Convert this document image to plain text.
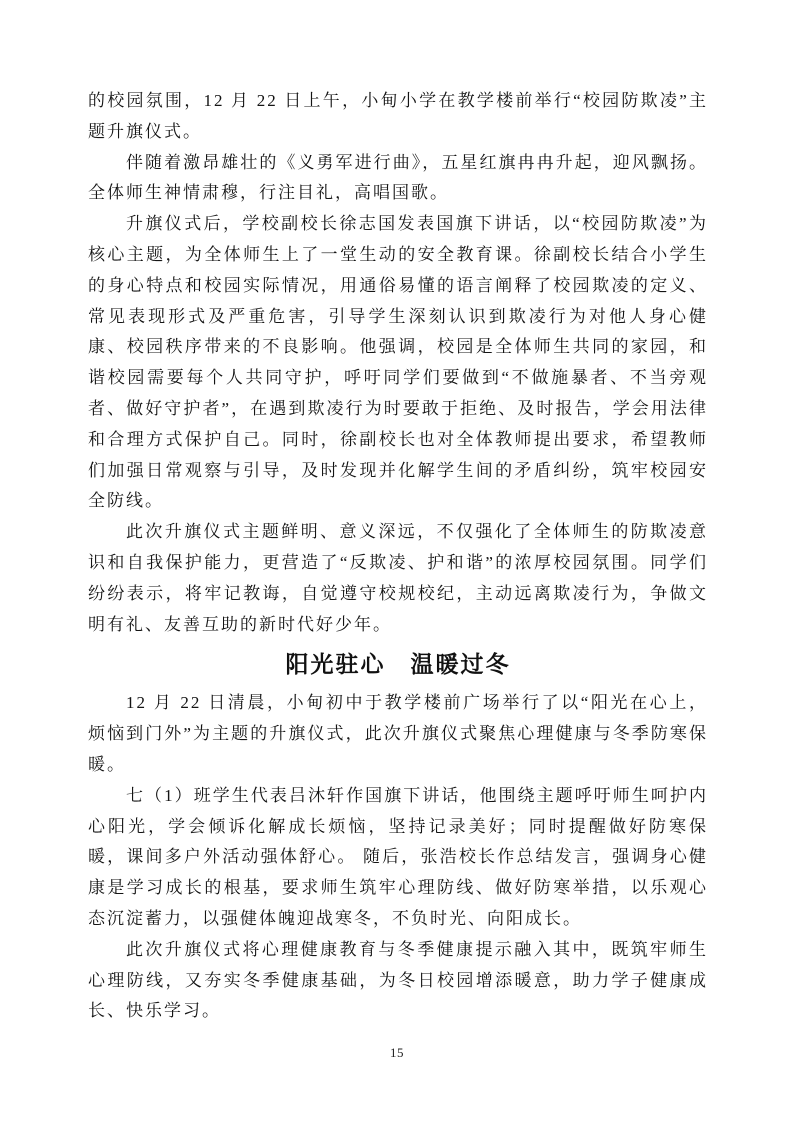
的校园氛围，12 月 22 日上午，小甸小学在教学楼前举行“校园防欺凌”主题升旗仪式。

伴随着激昂雄壮的《义勇军进行曲》，五星红旗冉冉升起，迎风飘扬。全体师生神情肃穆，行注目礼，高唱国歌。

升旗仪式后，学校副校长徐志国发表国旗下讲话，以“校园防欺凌”为核心主题，为全体师生上了一堂生动的安全教育课。徐副校长结合小学生的身心特点和校园实际情况，用通俗易懂的语言阐释了校园欺凌的定义、常见表现形式及严重危害，引导学生深刻认识到欺凌行为对他人身心健康、校园秩序带来的不良影响。他强调，校园是全体师生共同的家园，和谐校园需要每个人共同守护，呼吁同学们要做到“不做施暴者、不当旁观者、做好守护者”，在遇到欺凌行为时要敢于拒绝、及时报告，学会用法律和合理方式保护自己。同时，徐副校长也对全体教师提出要求，希望教师们加强日常观察与引导，及时发现并化解学生间的矛盾纠纷，筑牢校园安全防线。

此次升旗仪式主题鲜明、意义深远，不仅强化了全体师生的防欺凌意识和自我保护能力，更营造了“反欺凌、护和谐”的浓厚校园氛围。同学们纷纷表示，将牢记教诲，自觉遵守校规校纪，主动远离欺凌行为，争做文明有礼、友善互助的新时代好少年。

阳光驻心　温暖过冬

12 月 22 日清晨，小甸初中于教学楼前广场举行了以“阳光在心上，烦恼到门外”为主题的升旗仪式，此次升旗仪式聚焦心理健康与冬季防寒保暖。

七（1）班学生代表吕沐轩作国旗下讲话，他围绕主题呼吁师生呵护内心阳光，学会倾诉化解成长烦恼，坚持记录美好；同时提醒做好防寒保暖，课间多户外活动强体舒心。 随后，张浩校长作总结发言，强调身心健康是学习成长的根基，要求师生筑牢心理防线、做好防寒举措，以乐观心态沉淀蓄力，以强健体魄迎战寒冬，不负时光、向阳成长。

此次升旗仪式将心理健康教育与冬季健康提示融入其中，既筑牢师生心理防线，又夯实冬季健康基础，为冬日校园增添暖意，助力学子健康成长、快乐学习。

15
